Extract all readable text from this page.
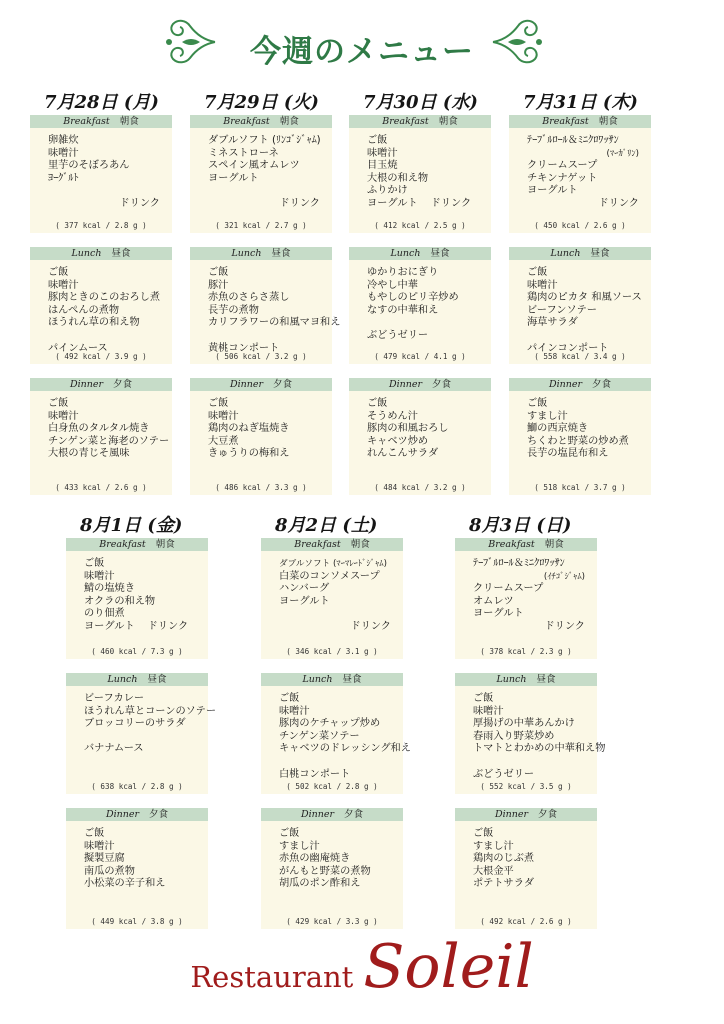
今週のメニュー
7月28日 (月)
Breakfast 朝食
卵雑炊
味噌汁
里芋のそぼろあん
ﾖｰｸﾞﾙﾄ

ドリンク
( 377 kcal / 2.8 g )
Lunch 昼食
ご飯
味噌汁
豚肉ときのこのおろし煮
はんぺんの煮物
ほうれん草の和え物

パインムース
( 492 kcal / 3.9 g )
Dinner 夕食
ご飯
味噌汁
白身魚のタルタル焼き
チンゲン菜と海老のソテー
大根の青じそ風味
( 433 kcal / 2.6 g )
7月29日 (火)
Breakfast 朝食
ダブルソフト (ﾘﾝｺﾞｼﾞｬﾑ)
ミネストローネ
スペイン風オムレツ
ヨーグルト

ドリンク
( 321 kcal / 2.7 g )
Lunch 昼食
ご飯
豚汁
赤魚のさらさ蒸し
長芋の煮物
カリフラワーの和風マヨ和え

黄桃コンポート
( 506 kcal / 3.2 g )
Dinner 夕食
ご飯
味噌汁
鶏肉のねぎ塩焼き
大豆煮
きゅうりの梅和え
( 486 kcal / 3.3 g )
7月30日 (水)
Breakfast 朝食
ご飯
味噌汁
目玉焼
大根の和え物
ふりかけ
ヨーグルト    ドリンク
( 412 kcal / 2.5 g )
Lunch 昼食
ゆかりおにぎり
冷やし中華
もやしのピリ辛炒め
なすの中華和え

ぶどうゼリー
( 479 kcal / 4.1 g )
Dinner 夕食
ご飯
そうめん汁
豚肉の和風おろし
キャベツ炒め
れんこんサラダ
( 484 kcal / 3.2 g )
7月31日 (木)
Breakfast 朝食
ﾃｰﾌﾞﾙﾛｰﾙ＆ﾐﾆｸﾛﾜｯｻﾝ
(ﾏｰｶﾞﾘﾝ)
クリームスープ
チキンナゲット
ヨーグルト
ドリンク
( 450 kcal / 2.6 g )
Lunch 昼食
ご飯
味噌汁
鶏肉のピカタ 和風ソース
ビーフンソテー
海草サラダ

パインコンポート
( 558 kcal / 3.4 g )
Dinner 夕食
ご飯
すまし汁
鰤の西京焼き
ちくわと野菜の炒め煮
長芋の塩昆布和え
( 518 kcal / 3.7 g )
8月1日 (金)
Breakfast 朝食
ご飯
味噌汁
鯖の塩焼き
オクラの和え物
のり佃煮
ヨーグルト    ドリンク
( 460 kcal / 7.3 g )
Lunch 昼食
ビーフカレー
ほうれん草とコーンのソテー
ブロッコリーのサラダ

バナナムース
( 638 kcal / 2.8 g )
Dinner 夕食
ご飯
味噌汁
擬製豆腐
南瓜の煮物
小松菜の辛子和え
( 449 kcal / 3.8 g )
8月2日 (土)
Breakfast 朝食
ダブルソフト (ﾏｰﾏﾚｰﾄﾞｼﾞｬﾑ)
白菜のコンソメスープ
ハンバーグ
ヨーグルト

ドリンク
( 346 kcal / 3.1 g )
Lunch 昼食
ご飯
味噌汁
豚肉のケチャップ炒め
チンゲン菜ソテー
キャベツのドレッシング和え

白桃コンポート
( 502 kcal / 2.8 g )
Dinner 夕食
ご飯
すまし汁
赤魚の幽庵焼き
がんもと野菜の煮物
胡瓜のポン酢和え
( 429 kcal / 3.3 g )
8月3日 (日)
Breakfast 朝食
ﾃｰﾌﾞﾙﾛｰﾙ＆ﾐﾆｸﾛﾜｯｻﾝ
(ｲﾁｺﾞｼﾞｬﾑ)
クリームスープ
オムレツ
ヨーグルト
ドリンク
( 378 kcal / 2.3 g )
Lunch 昼食
ご飯
味噌汁
厚揚げの中華あんかけ
春雨入り野菜炒め
トマトとわかめの中華和え物

ぶどうゼリー
( 552 kcal / 3.5 g )
Dinner 夕食
ご飯
すまし汁
鶏肉のじぶ煮
大根金平
ポテトサラダ
( 492 kcal / 2.6 g )
Restaurant Soleil
